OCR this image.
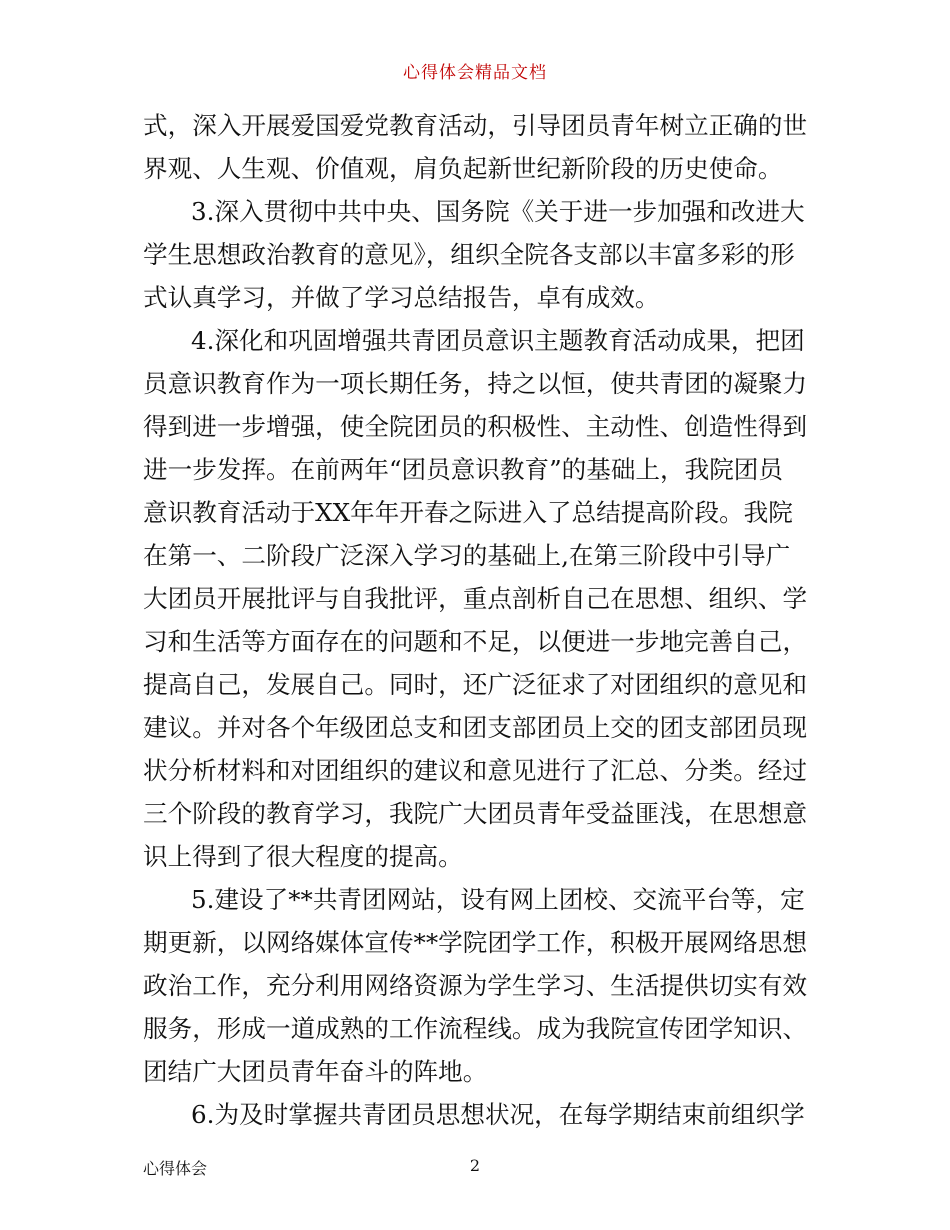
心得体会精品文档
式，深入开展爱国爱党教育活动，引导团员青年树立正确的世
界观、人生观、价值观，肩负起新世纪新阶段的历史使命。
3.深入贯彻中共中央、国务院《关于进一步加强和改进大
学生思想政治教育的意见》，组织全院各支部以丰富多彩的形
式认真学习，并做了学习总结报告，卓有成效。
4.深化和巩固增强共青团员意识主题教育活动成果，把团
员意识教育作为一项长期任务，持之以恒，使共青团的凝聚力
得到进一步增强，使全院团员的积极性、主动性、创造性得到
进一步发挥。在前两年“团员意识教育”的基础上，我院团员
意识教育活动于XX年年开春之际进入了总结提高阶段。我院
在第一、二阶段广泛深入学习的基础上,在第三阶段中引导广
大团员开展批评与自我批评，重点剖析自己在思想、组织、学
习和生活等方面存在的问题和不足，以便进一步地完善自己，
提高自己，发展自己。同时，还广泛征求了对团组织的意见和
建议。并对各个年级团总支和团支部团员上交的团支部团员现
状分析材料和对团组织的建议和意见进行了汇总、分类。经过
三个阶段的教育学习，我院广大团员青年受益匪浅，在思想意
识上得到了很大程度的提高。
5.建设了**共青团网站，设有网上团校、交流平台等，定
期更新，以网络媒体宣传**学院团学工作，积极开展网络思想
政治工作，充分利用网络资源为学生学习、生活提供切实有效
服务，形成一道成熟的工作流程线。成为我院宣传团学知识、
团结广大团员青年奋斗的阵地。
6.为及时掌握共青团员思想状况，在每学期结束前组织学
心得体会	2
